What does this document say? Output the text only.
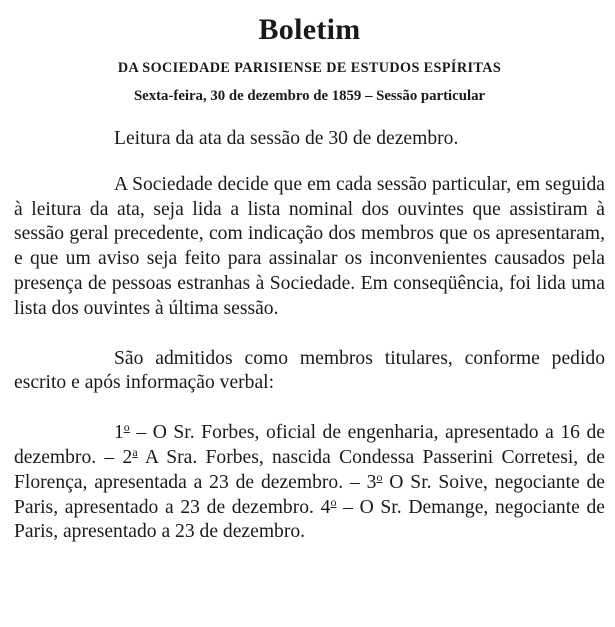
Boletim
DA SOCIEDADE PARISIENSE DE ESTUDOS ESPÍRITAS
Sexta-feira, 30 de dezembro de 1859 – Sessão particular

Leitura da ata da sessão de 30 de dezembro.

A Sociedade decide que em cada sessão particular, em seguida à leitura da ata, seja lida a lista nominal dos ouvintes que assistiram à sessão geral precedente, com indicação dos membros que os apresentaram, e que um aviso seja feito para assinalar os inconvenientes causados pela presença de pessoas estranhas à Sociedade. Em conseqüência, foi lida uma lista dos ouvintes à última sessão.

São admitidos como membros titulares, conforme pedido escrito e após informação verbal:

1$^o$ – O Sr. Forbes, oficial de engenharia, apresentado a 16 de dezembro. – 2$^a$ A Sra. Forbes, nascida Condessa Passerini Corretesi, de Florença, apresentada a 23 de dezembro. – 3$^o$ O Sr. Soive, negociante de Paris, apresentado a 23 de dezembro. 4$^o$ – O Sr. Demange, negociante de Paris, apresentado a 23 de dezembro.
